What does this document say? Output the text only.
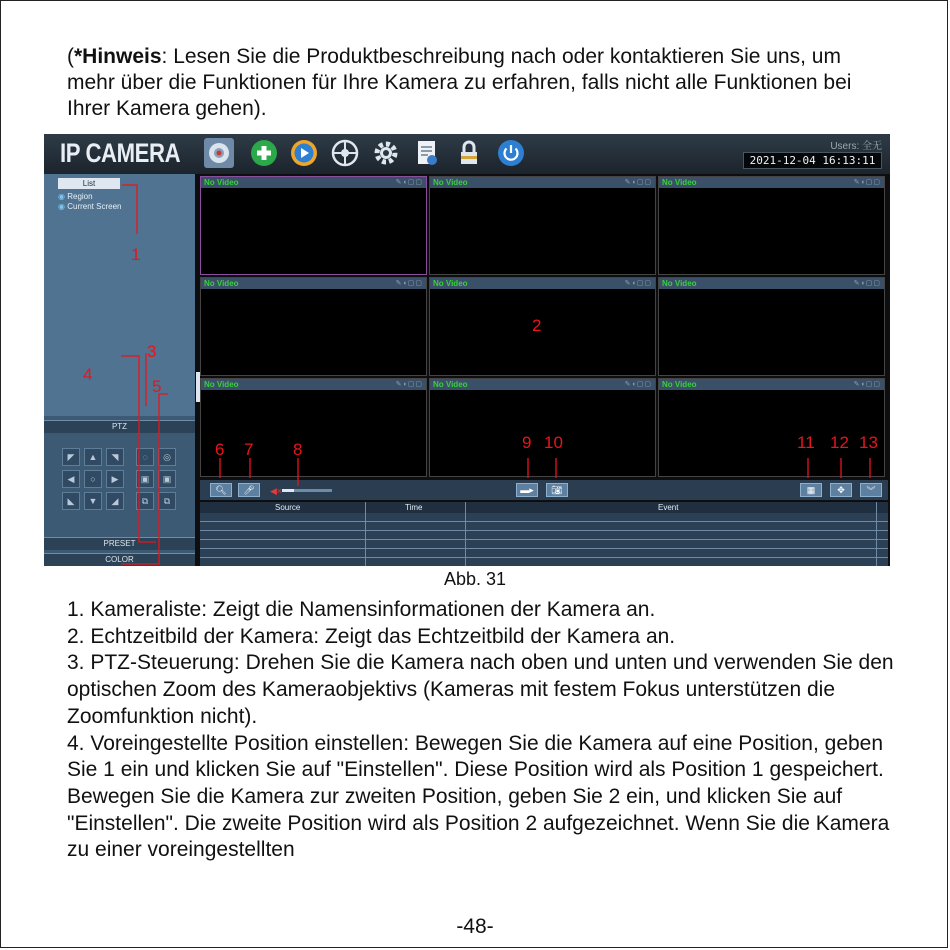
(*Hinweis: Lesen Sie die Produktbeschreibung nach oder kontaktieren Sie uns, um mehr über die Funktionen für Ihre Kamera zu erfahren, falls nicht alle Funktionen bei Ihrer Kamera gehen).
IP CAMERA	Users: 全无
2021-12-04 16:13:11
List
◉ Region
◉ Current Screen
PTZ
◤	▲	◥
◀	○	▶
◣	▼	◢
◌	◎
▣	▣
⧉	⧉
PRESET
COLOR
No Video	✎◖▢▢ No Video	✎◖▢▢ No Video	✎◖▢▢
No Video	✎◖▢▢ No Video	✎◖▢▢ No Video	✎◖▢▢
No Video	✎◖▢▢ No Video	✎◖▢▢ No Video	✎◖▢▢
🔍︎	🎤︎	◀×	▬▸	📷︎	▦	✥	︾
Source	Time	Event
1
2
3
4
5
6 7 8	9 10	11 12 13
Abb. 31

1. Kameraliste: Zeigt die Namensinformationen der Kamera an.

2. Echtzeitbild der Kamera: Zeigt das Echtzeitbild der Kamera an.

3. PTZ-Steuerung: Drehen Sie die Kamera nach oben und unten und verwenden Sie den optischen Zoom des Kameraobjektivs (Kameras mit festem Fokus unterstützen die Zoomfunktion nicht).

4. Voreingestellte Position einstellen: Bewegen Sie die Kamera auf eine Position, geben Sie 1 ein und klicken Sie auf "Einstellen". Diese Position wird als Position 1 gespeichert. Bewegen Sie die Kamera zur zweiten Position, geben Sie 2 ein, und klicken Sie auf "Einstellen". Die zweite Position wird als Position 2 aufgezeichnet. Wenn Sie die Kamera zu einer voreingestellten

-48-
